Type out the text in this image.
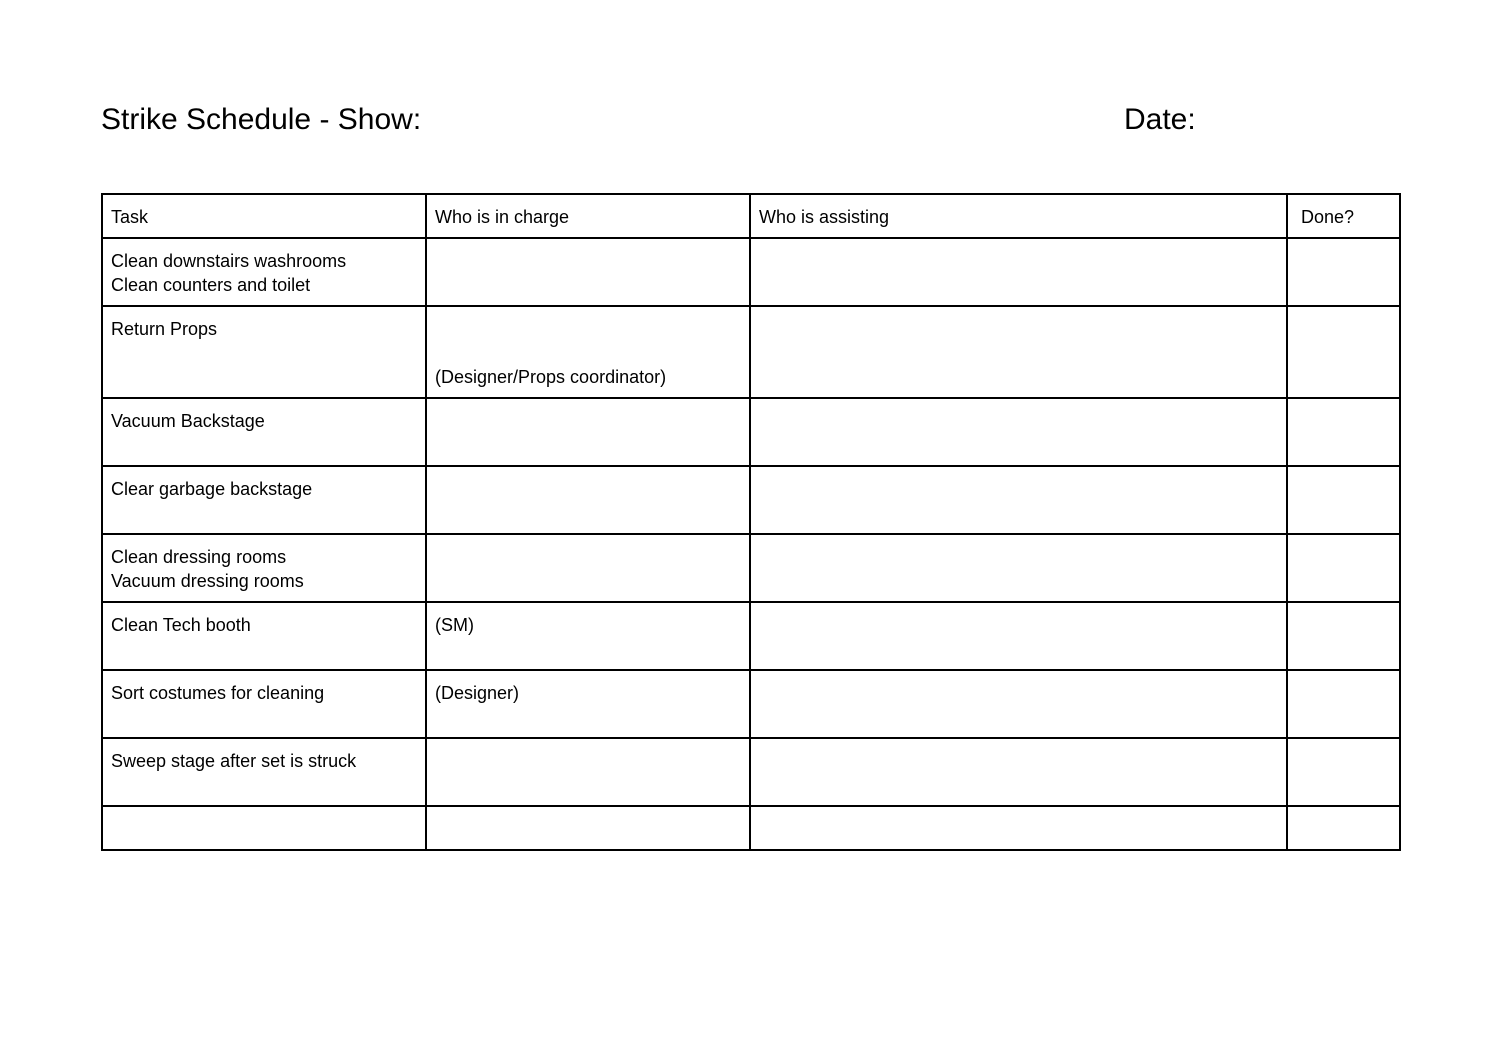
Strike Schedule - Show:	Date:
Task	Who is in charge	Who is assisting	Done?

Clean downstairs washrooms
Clean counters and toilet			

Return Props	(Designer/Props coordinator)		

Vacuum Backstage			

Clear garbage backstage			

Clean dressing rooms
Vacuum dressing rooms			

Clean Tech booth	(SM)		

Sort costumes for cleaning	(Designer)		

Sweep stage after set is struck			
